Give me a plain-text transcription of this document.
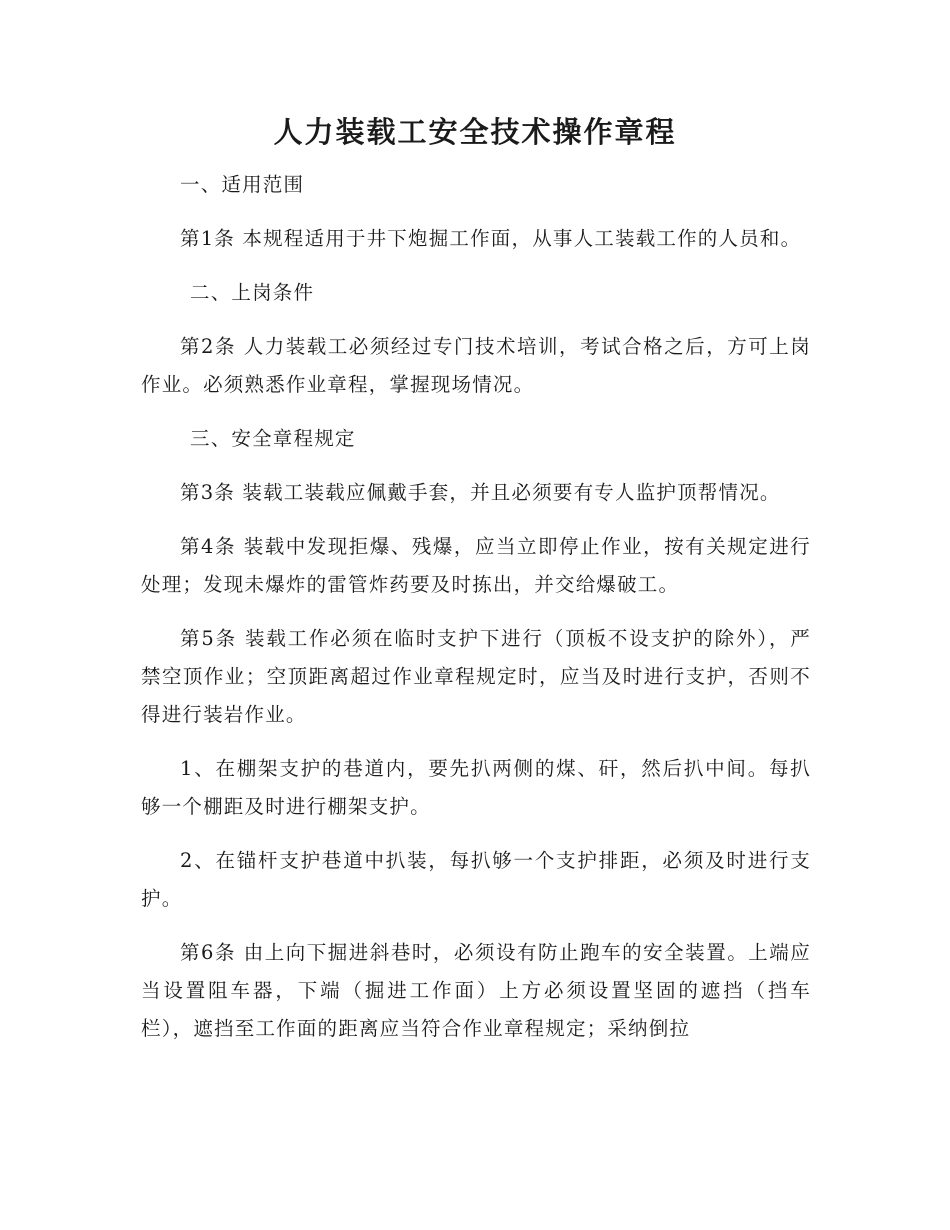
人力装载工安全技术操作章程
一、适用范围

第1条 本规程适用于井下炮掘工作面，从事人工装载工作的人员和。

二、上岗条件

第2条 人力装载工必须经过专门技术培训，考试合格之后，方可上岗作业。必须熟悉作业章程，掌握现场情况。

三、安全章程规定

第3条 装载工装载应佩戴手套，并且必须要有专人监护顶帮情况。

第4条 装载中发现拒爆、残爆，应当立即停止作业，按有关规定进行处理；发现未爆炸的雷管炸药要及时拣出，并交给爆破工。

第5条 装载工作必须在临时支护下进行（顶板不设支护的除外），严禁空顶作业；空顶距离超过作业章程规定时，应当及时进行支护，否则不得进行装岩作业。

1、在棚架支护的巷道内，要先扒两侧的煤、矸，然后扒中间。每扒够一个棚距及时进行棚架支护。

2、在锚杆支护巷道中扒装，每扒够一个支护排距，必须及时进行支护。

第6条 由上向下掘进斜巷时，必须设有防止跑车的安全装置。上端应当设置阻车器，下端（掘进工作面）上方必须设置坚固的遮挡（挡车栏），遮挡至工作面的距离应当符合作业章程规定；采纳倒拉
